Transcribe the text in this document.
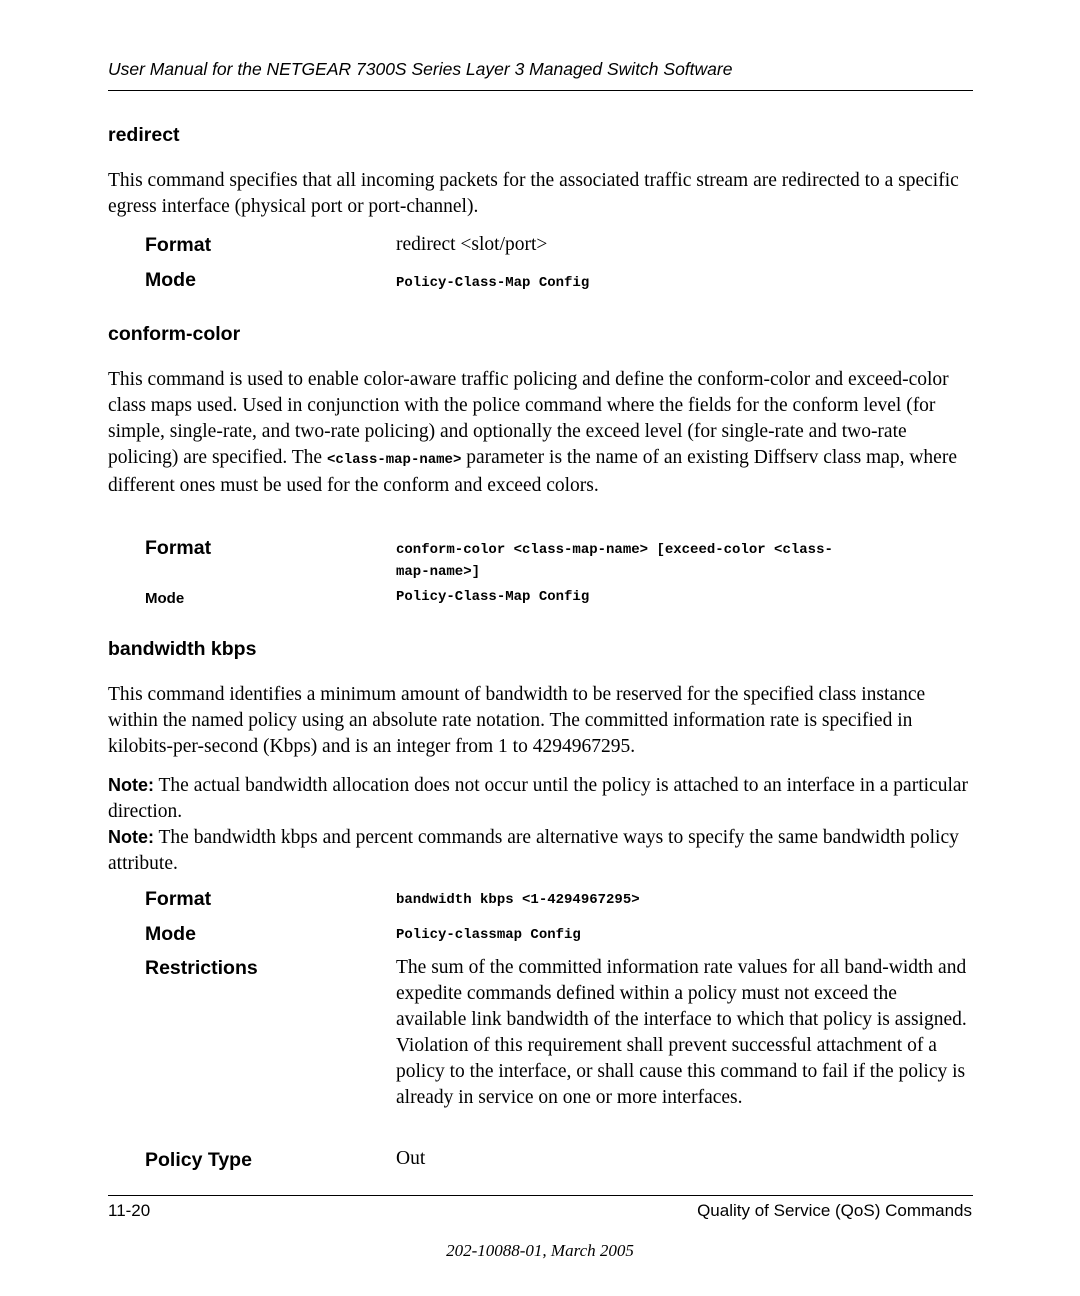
User Manual for the NETGEAR 7300S Series Layer 3 Managed Switch Software
redirect

This command specifies that all incoming packets for the associated traffic stream are redirected to a specific egress interface (physical port or port-channel).

Format	redirect <slot/port>
Mode	Policy-Class-Map Config
conform-color

This command is used to enable color-aware traffic policing and define the conform-color and exceed-color class maps used. Used in conjunction with the police command where the fields for the conform level (for simple, single-rate, and two-rate policing) and optionally the exceed level (for single-rate and two-rate policing) are specified. The <class-map-name> parameter is the name of an existing Diffserv class map, where different ones must be used for the conform and exceed colors.

Format	conform-color <class-map-name> [exceed-color <class-
map-name>]
Mode	Policy-Class-Map Config
bandwidth kbps

This command identifies a minimum amount of bandwidth to be reserved for the specified class instance within the named policy using an absolute rate notation. The committed information rate is specified in kilobits-per-second (Kbps) and is an integer from 1 to 4294967295.

Note: The actual bandwidth allocation does not occur until the policy is attached to an interface in a particular direction.

Note: The bandwidth kbps and percent commands are alternative ways to specify the same bandwidth policy attribute.

Format	bandwidth kbps <1-4294967295>
Mode	Policy-classmap Config
Restrictions	The sum of the committed information rate values for all band-width and expedite commands defined within a policy must not exceed the available link bandwidth of the interface to which that policy is assigned. Violation of this requirement shall prevent successful attachment of a policy to the interface, or shall cause this command to fail if the policy is already in service on one or more interfaces.
Policy Type	Out
11-20	Quality of Service (QoS) Commands
202-10088-01, March 2005
